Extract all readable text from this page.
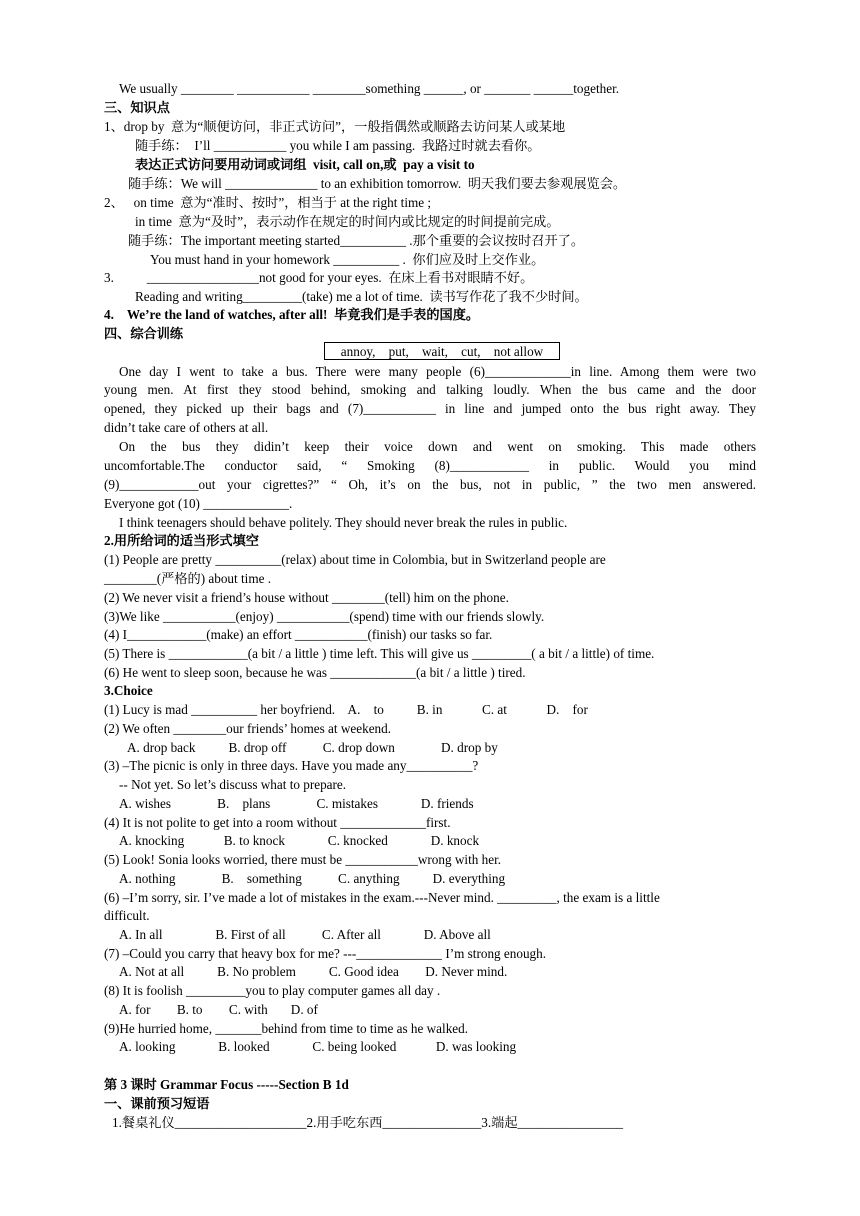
We usually ________ ___________ ________something ______, or _______ ______together.
三、知识点
1、drop by  意为“顺便访问，非正式访问”，一般指偶然或顺路去访问某人或某地
随手练：  I’ll ___________ you while I am passing.  我路过时就去看你。
表达正式访问要用动词或词组  visit, call on,或  pay a visit to
随手练：We will ______________ to an exhibition tomorrow.  明天我们要去参观展览会。
2、   on time  意为“准时、按时”，相当于 at the right time ;
in time  意为“及时”，表示动作在规定的时间内或比规定的时间提前完成。
随手练：The important meeting started__________ .那个重要的会议按时召开了。
You must hand in your homework __________ .  你们应及时上交作业。
3.          _________________not good for your eyes.  在床上看书对眼睛不好。
Reading and writing_________(take) me a lot of time.  读书写作花了我不少时间。
4.    We’re the land of watches, after all!  毕竟我们是手表的国度。
四、综合训练
annoy,    put,    wait,    cut,    not allow
One day I went to take a bus. There were many people (6)_____________in line. Among them were two
young men. At first they stood behind, smoking and talking loudly. When the bus came and the door
opened, they picked up their bags and (7)___________ in line and jumped onto the bus right away. They
didn’t take care of others at all.
On the bus they didin’t keep their voice down and went on smoking. This made others
uncomfortable.The conductor said, “ Smoking (8)____________ in public. Would you mind
(9)____________out your cigrettes?” “ Oh, it’s on the bus, not in public, ” the two men answered.
Everyone got (10) _____________.
I think teenagers should behave politely. They should never break the rules in public.
2.用所给词的适当形式填空
(1) People are pretty __________(relax) about time in Colombia, but in Switzerland people are
________(严格的) about time .
(2) We never visit a friend’s house without ________(tell) him on the phone.
(3)We like ___________(enjoy) ___________(spend) time with our friends slowly.
(4) I____________(make) an effort ___________(finish) our tasks so far.
(5) There is ____________(a bit / a little ) time left. This will give us _________( a bit / a little) of time.
(6) He went to sleep soon, because he was _____________(a bit / a little ) tired.
3.Choice
(1) Lucy is mad __________ her boyfriend.    A.    to          B. in            C. at            D.    for
(2) We often ________our friends’ homes at weekend.
A. drop back          B. drop off           C. drop down              D. drop by
(3) –The picnic is only in three days. Have you made any__________?
-- Not yet. So let’s discuss what to prepare.
A. wishes              B.    plans              C. mistakes             D. friends
(4) It is not polite to get into a room without _____________first.
A. knocking            B. to knock             C. knocked             D. knock
(5) Look! Sonia looks worried, there must be ___________wrong with her.
A. nothing              B.    something           C. anything          D. everything
(6) –I’m sorry, sir. I’ve made a lot of mistakes in the exam.---Never mind. _________, the exam is a little
difficult.
A. In all                B. First of all           C. After all             D. Above all
(7) –Could you carry that heavy box for me? ---_____________ I’m strong enough.
A. Not at all          B. No problem          C. Good idea        D. Never mind.
(8) It is foolish _________you to play computer games all day .
A. for        B. to        C. with       D. of
(9)He hurried home, _______behind from time to time as he walked.
A. looking             B. looked             C. being looked            D. was looking
第 3 课时 Grammar Focus -----Section B 1d
一、课前预习短语
1.餐桌礼仪____________________2.用手吃东西_______________3.端起________________
